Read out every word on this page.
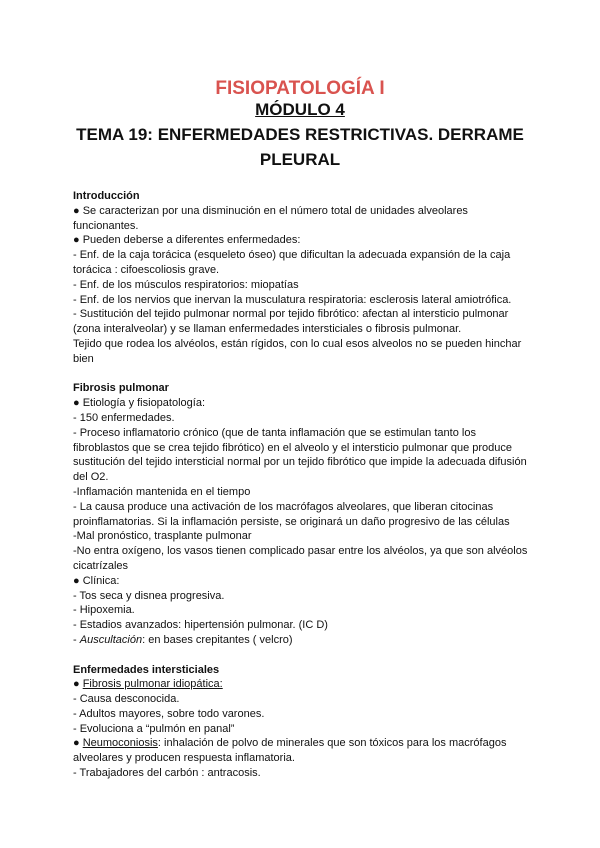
FISIOPATOLOGÍA I
MÓDULO 4
TEMA 19: ENFERMEDADES RESTRICTIVAS. DERRAME PLEURAL
Introducción
● Se caracterizan por una disminución en el número total de unidades alveolares funcionantes.
● Pueden deberse a diferentes enfermedades:
- Enf. de la caja torácica (esqueleto óseo) que dificultan la adecuada expansión de la caja torácica : cifoescoliosis grave.
- Enf. de los músculos respiratorios: miopatías
- Enf. de los nervios que inervan la musculatura respiratoria: esclerosis lateral amiotrófica.
- Sustitución del tejido pulmonar normal por tejido fibrótico: afectan al intersticio pulmonar (zona interalveolar) y se llaman enfermedades intersticiales o fibrosis pulmonar.
Tejido que rodea los alvéolos, están rígidos, con lo cual esos alveolos no se pueden hinchar bien
Fibrosis pulmonar
● Etiología y fisiopatología:
- 150 enfermedades.
- Proceso inflamatorio crónico (que de tanta inflamación que se estimulan tanto los fibroblastos que se crea tejido fibrótico) en el alveolo y el intersticio pulmonar que produce sustitución del tejido intersticial normal por un tejido fibrótico que impide la adecuada difusión del O2.
-Inflamación mantenida en el tiempo
- La causa produce una activación de los macrófagos alveolares, que liberan citocinas proinflamatorias. Si la inflamación persiste, se originará un daño progresivo de las células
-Mal pronóstico, trasplante pulmonar
-No entra oxígeno, los vasos tienen complicado pasar entre los alvéolos, ya que son alvéolos cicatrízales
● Clínica:
- Tos seca y disnea progresiva.
- Hipoxemia.
- Estadios avanzados: hipertensión pulmonar. (IC D)
- Auscultación: en bases crepitantes ( velcro)
Enfermedades intersticiales
● Fibrosis pulmonar idiopática:
- Causa desconocida.
- Adultos mayores, sobre todo varones.
- Evoluciona a “pulmón en panal”
● Neumoconiosis: inhalación de polvo de minerales que son tóxicos para los macrófagos alveolares y producen respuesta inflamatoria.
- Trabajadores del carbón : antracosis.
